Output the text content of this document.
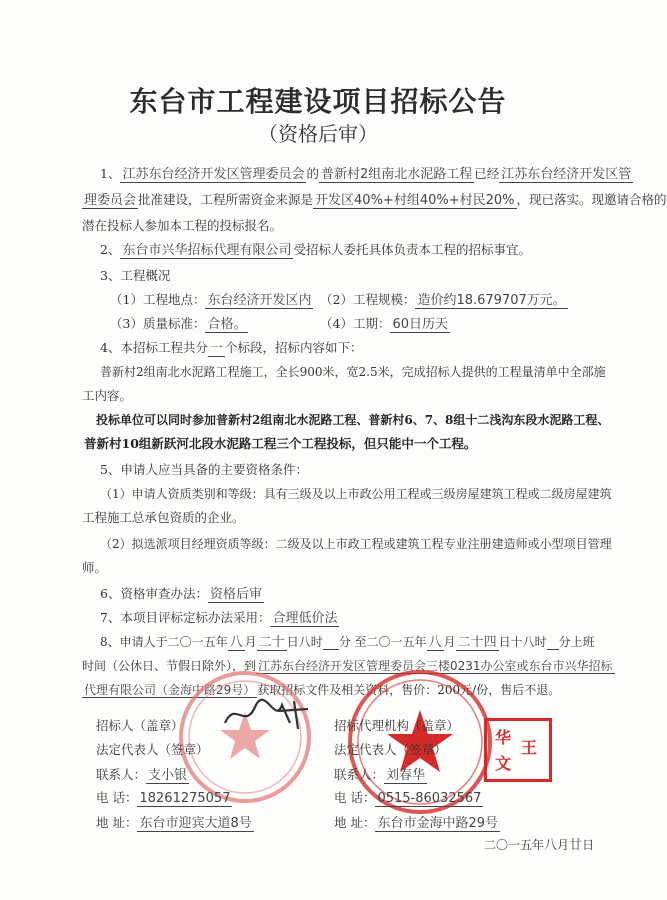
东台市工程建设项目招标公告
（资格后审）
1、 江苏东台经济开发区管理委员会 的 普新村2组南北水泥路工程 已经 江苏东台经济开发区管
理委员会 批准建设，工程所需资金来源是 开发区40%+村组40%+村民20% ，现已落实。现邀请合格的
潜在投标人参加本工程的投标报名。
2、 东台市兴华招标代理有限公司 受招标人委托具体负责本工程的招标事宜。
3、工程概况
（1）工程地点： 东台经济开发区内 （2）工程规模： 造价约18.679707万元。
（3）质量标准： 合格。	（4）工期： 60日历天
4、本招标工程共分 一 个标段，招标内容如下：
普新村2组南北水泥路工程施工，全长900米，宽2.5米，完成招标人提供的工程量清单中全部施
工内容。
投标单位可以同时参加普新村2组南北水泥路工程、普新村6、7、8组十二浅沟东段水泥路工程、
普新村10组新跃河北段水泥路工程三个工程投标，但只能中一个工程。
5、申请人应当具备的主要资格条件：
（1）申请人资质类别和等级：具有三级及以上市政公用工程或三级房屋建筑工程或二级房屋建筑
工程施工总承包资质的企业。
（2）拟选派项目经理资质等级：二级及以上市政工程或建筑工程专业注册建造师或小型项目管理
师。
6、资格审查办法： 资格后审
7、本项目评标定标办法采用： 合理低价法
8、申请人于二〇一五年 八 月 二十 日八时 分 至二〇一五年 八 月 二十四 日十八时 分上班
时间（公休日、节假日除外），到 江苏东台经济开发区管理委员会三楼0231办公室或东台市兴华招标
代理有限公司（金海中路29号） 获取招标文件及相关资料，售价：200元/份，售后不退。
华
王
文
招标人（盖章）
法定代表人（签章）
联系人： 支小银
电 话： 18261275057
地 址： 东台市迎宾大道8号
招标代理机构（盖章）
法定代表人（签章）
联系人： 刘春华
电 话： 0515-86032567
地 址： 东台市金海中路29号
二〇一五年八月廿日
